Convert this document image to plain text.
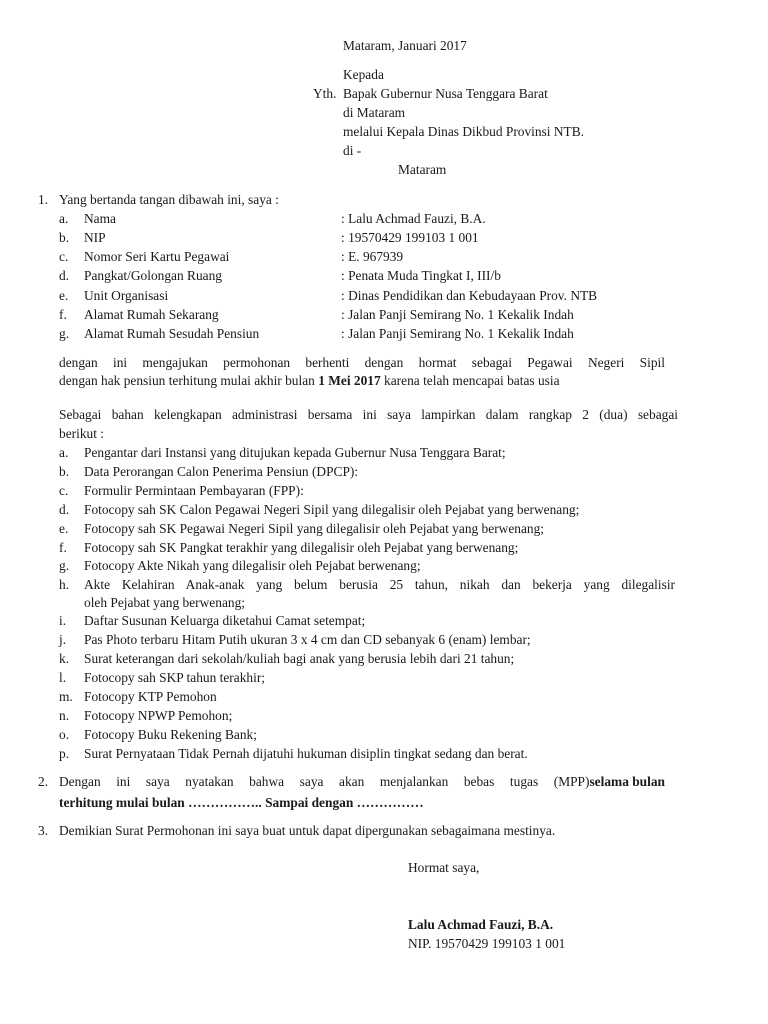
Mataram, Januari 2017
Kepada
Yth. Bapak Gubernur Nusa Tenggara Barat
di Mataram
melalui Kepala Dinas Dikbud Provinsi NTB.
di -
Mataram
1. Yang bertanda tangan dibawah ini, saya :
a. Nama	: Lalu Achmad Fauzi, B.A.
b. NIP	: 19570429 199103 1 001
c. Nomor Seri Kartu Pegawai	: E. 967939
d. Pangkat/Golongan Ruang	: Penata Muda Tingkat I, III/b
e. Unit Organisasi	: Dinas Pendidikan dan Kebudayaan Prov. NTB
f. Alamat Rumah Sekarang	: Jalan Panji Semirang No. 1 Kekalik Indah
g. Alamat Rumah Sesudah Pensiun	: Jalan Panji Semirang No. 1 Kekalik Indah
dengan ini mengajukan permohonan berhenti dengan hormat sebagai Pegawai Negeri Sipil
dengan hak pensiun terhitung mulai akhir bulan 1 Mei 2017 karena telah mencapai batas usia
Sebagai bahan kelengkapan administrasi bersama ini saya lampirkan dalam rangkap 2 (dua) sebagai
berikut :
a. Pengantar dari Instansi yang ditujukan kepada Gubernur Nusa Tenggara Barat;
b. Data Perorangan Calon Penerima Pensiun (DPCP):
c. Formulir Permintaan Pembayaran (FPP):
d. Fotocopy sah SK Calon Pegawai Negeri Sipil yang dilegalisir oleh Pejabat yang berwenang;
e. Fotocopy sah SK Pegawai Negeri Sipil yang dilegalisir oleh Pejabat yang berwenang;
f. Fotocopy sah SK Pangkat terakhir yang dilegalisir oleh Pejabat yang berwenang;
g. Fotocopy Akte Nikah yang dilegalisir oleh Pejabat berwenang;
h. Akte Kelahiran Anak-anak yang belum berusia 25 tahun, nikah dan bekerja yang dilegalisir
oleh Pejabat yang berwenang;
i. Daftar Susunan Keluarga diketahui Camat setempat;
j. Pas Photo terbaru Hitam Putih ukuran 3 x 4 cm dan CD sebanyak 6 (enam) lembar;
k. Surat keterangan dari sekolah/kuliah bagi anak yang berusia lebih dari 21 tahun;
l. Fotocopy sah SKP tahun terakhir;
m. Fotocopy KTP Pemohon
n. Fotocopy NPWP Pemohon;
o. Fotocopy Buku Rekening Bank;
p. Surat Pernyataan Tidak Pernah dijatuhi hukuman disiplin tingkat sedang dan berat.
2. Dengan ini saya nyatakan bahwa saya akan menjalankan bebas tugas (MPP) selama bulan
terhitung mulai bulan …………….. Sampai dengan ……………
3. Demikian Surat Permohonan ini saya buat untuk dapat dipergunakan sebagaimana mestinya.
Hormat saya,
Lalu Achmad Fauzi, B.A.
NIP. 19570429 199103 1 001
